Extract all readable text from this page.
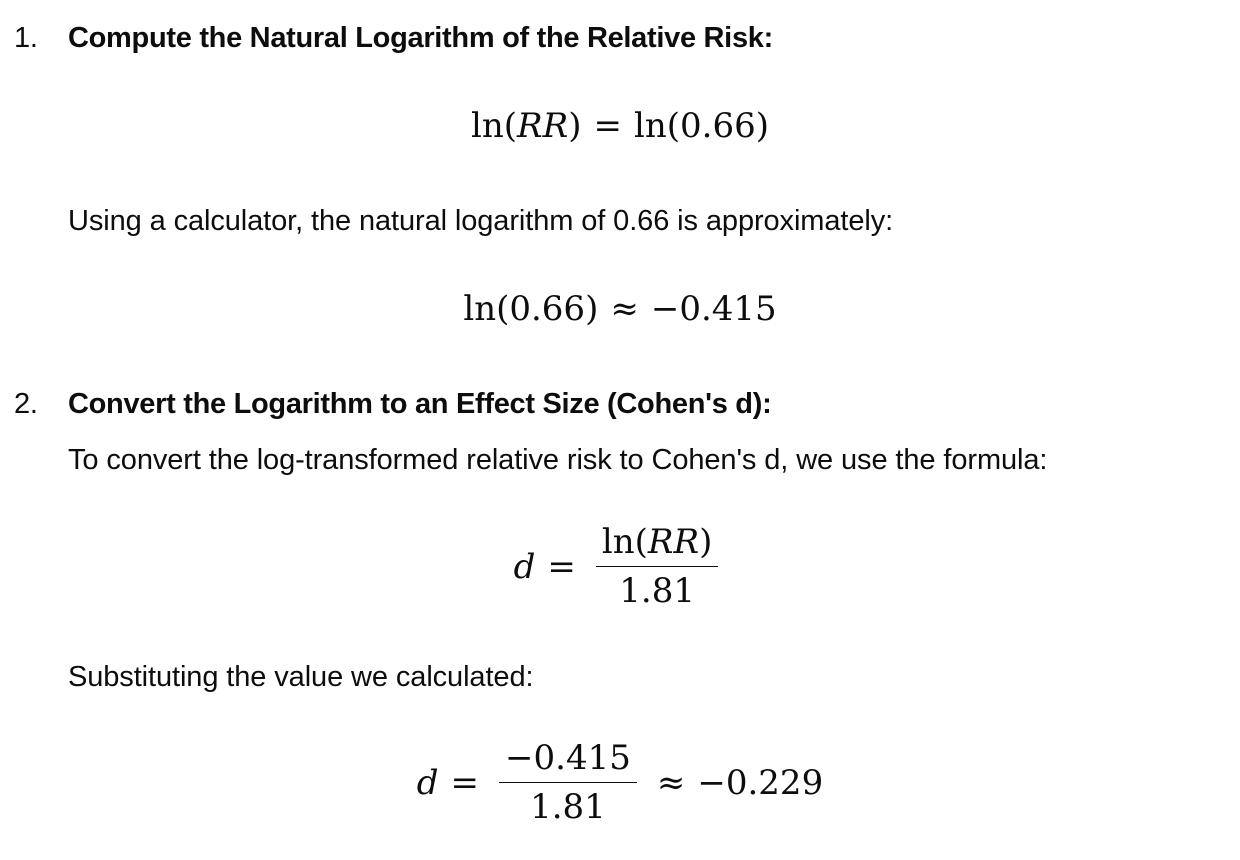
1. Compute the Natural Logarithm of the Relative Risk:
ln(RR) = ln(0.66)
Using a calculator, the natural logarithm of 0.66 is approximately:
ln(0.66) ≈ −0.415
2. Convert the Logarithm to an Effect Size (Cohen's d):
To convert the log-transformed relative risk to Cohen's d, we use the formula:
$d = \frac{\ln(RR)}{1.81}$
Substituting the value we calculated:
$d = \frac{-0.415}{1.81} \approx -0.229$
